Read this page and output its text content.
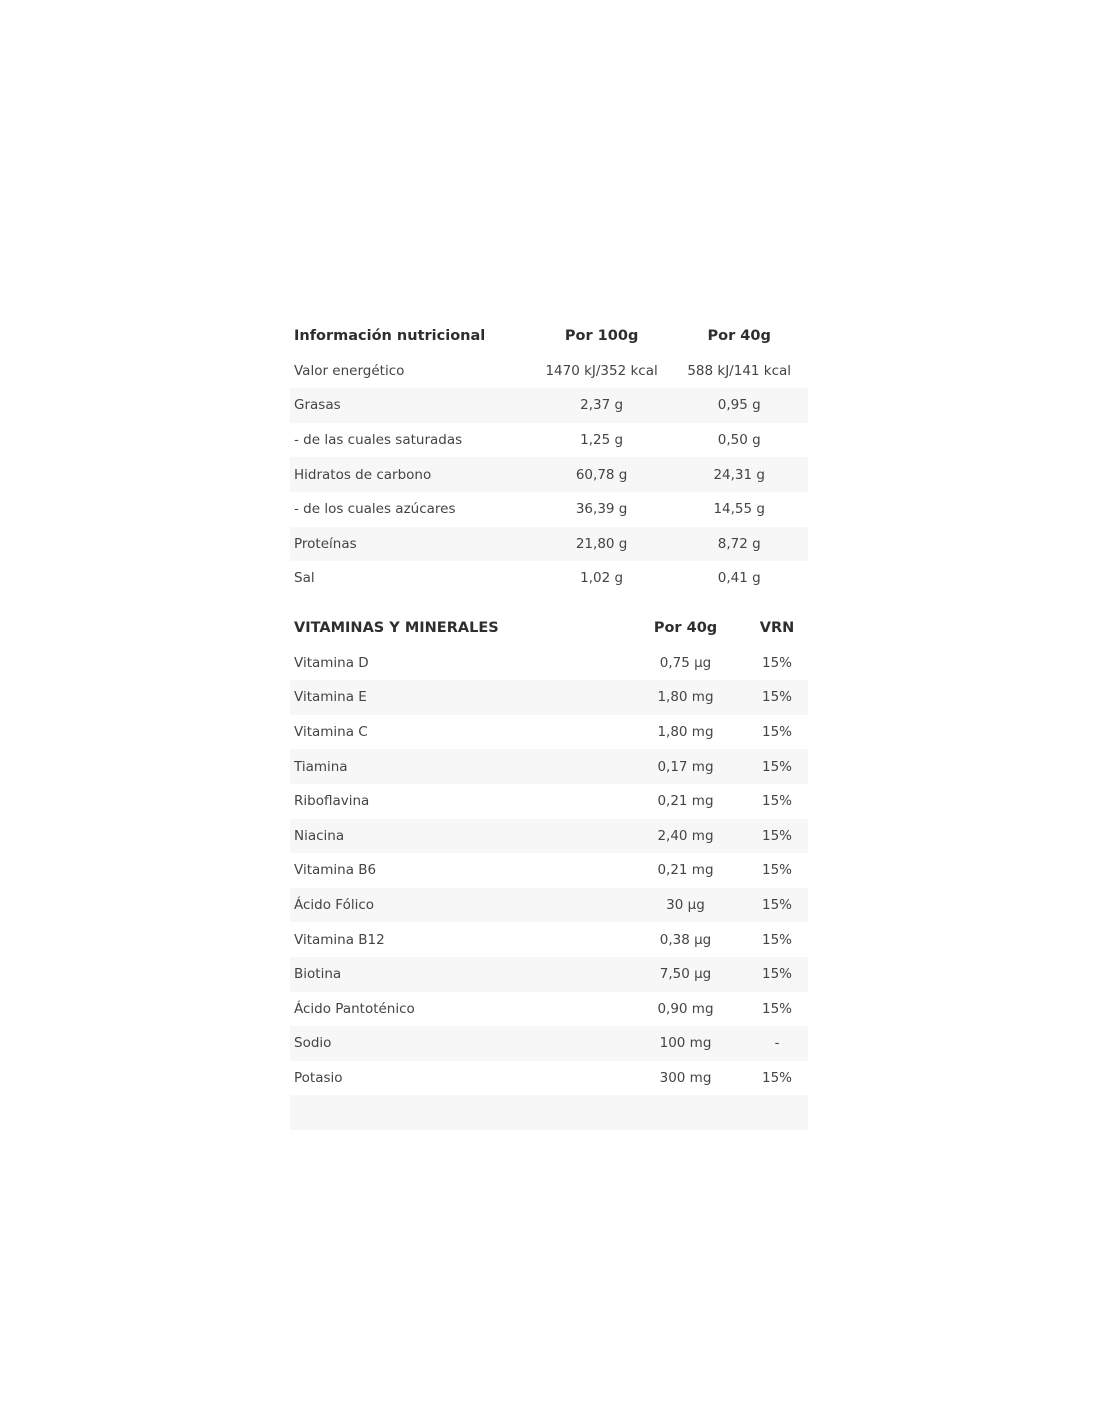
Información nutricional	Por 100g	Por 40g
Valor energético	1470 kJ/352 kcal	588 kJ/141 kcal
Grasas	2,37 g	0,95 g
- de las cuales saturadas	1,25 g	0,50 g
Hidratos de carbono	60,78 g	24,31 g
- de los cuales azúcares	36,39 g	14,55 g
Proteínas	21,80 g	8,72 g
Sal	1,02 g	0,41 g
VITAMINAS Y MINERALES	Por 40g	VRN
Vitamina D	0,75 µg	15%
Vitamina E	1,80 mg	15%
Vitamina C	1,80 mg	15%
Tiamina	0,17 mg	15%
Riboflavina	0,21 mg	15%
Niacina	2,40 mg	15%
Vitamina B6	0,21 mg	15%
Ácido Fólico	30 µg	15%
Vitamina B12	0,38 µg	15%
Biotina	7,50 µg	15%
Ácido Pantoténico	0,90 mg	15%
Sodio	100 mg	-
Potasio	300 mg	15%
